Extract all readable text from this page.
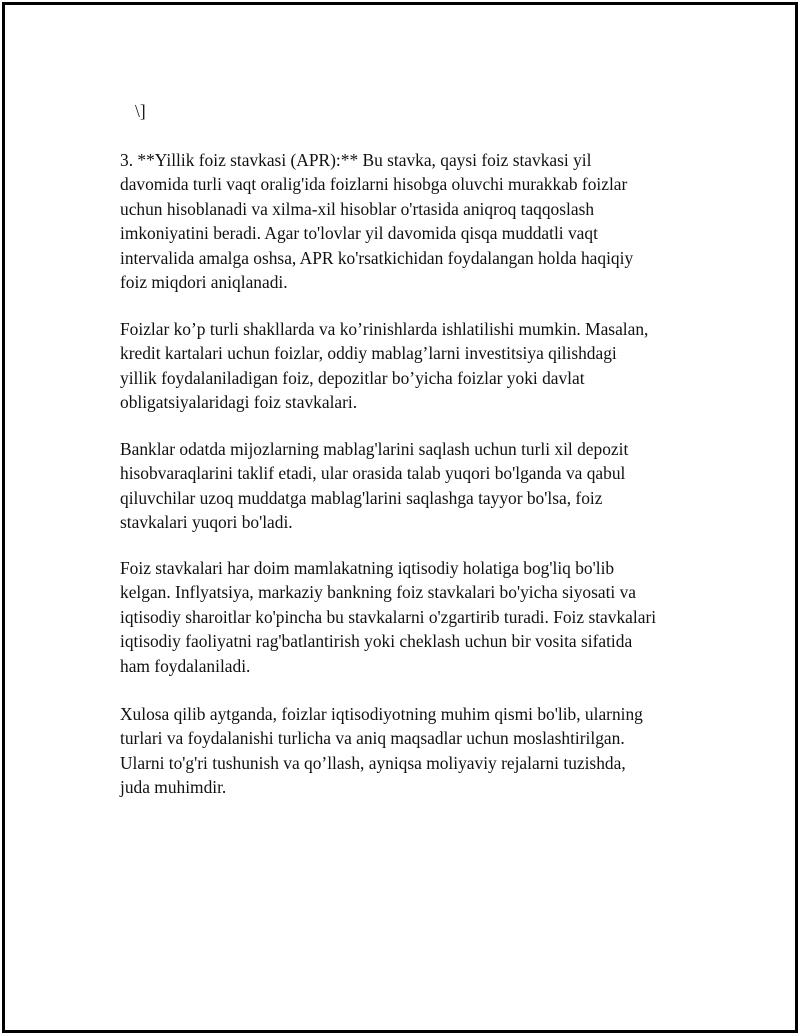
\]
3. **Yillik foiz stavkasi (APR):** Bu stavka, qaysi foiz stavkasi yil
davomida turli vaqt oralig'ida foizlarni hisobga oluvchi murakkab foizlar
uchun hisoblanadi va xilma-xil hisoblar o'rtasida aniqroq taqqoslash
imkoniyatini beradi. Agar to'lovlar yil davomida qisqa muddatli vaqt
intervalida amalga oshsa, APR ko'rsatkichidan foydalangan holda haqiqiy
foiz miqdori aniqlanadi.
Foizlar ko’p turli shakllarda va ko’rinishlarda ishlatilishi mumkin. Masalan,
kredit kartalari uchun foizlar, oddiy mablag’larni investitsiya qilishdagi
yillik foydalaniladigan foiz, depozitlar bo’yicha foizlar yoki davlat
obligatsiyalaridagi foiz stavkalari.
Banklar odatda mijozlarning mablag'larini saqlash uchun turli xil depozit
hisobvaraqlarini taklif etadi, ular orasida talab yuqori bo'lganda va qabul
qiluvchilar uzoq muddatga mablag'larini saqlashga tayyor bo'lsa, foiz
stavkalari yuqori bo'ladi.
Foiz stavkalari har doim mamlakatning iqtisodiy holatiga bog'liq bo'lib
kelgan. Inflyatsiya, markaziy bankning foiz stavkalari bo'yicha siyosati va
iqtisodiy sharoitlar ko'pincha bu stavkalarni o'zgartirib turadi. Foiz stavkalari
iqtisodiy faoliyatni rag'batlantirish yoki cheklash uchun bir vosita sifatida
ham foydalaniladi.
Xulosa qilib aytganda, foizlar iqtisodiyotning muhim qismi bo'lib, ularning
turlari va foydalanishi turlicha va aniq maqsadlar uchun moslashtirilgan.
Ularni to'g'ri tushunish va qo’llash, ayniqsa moliyaviy rejalarni tuzishda,
juda muhimdir.
